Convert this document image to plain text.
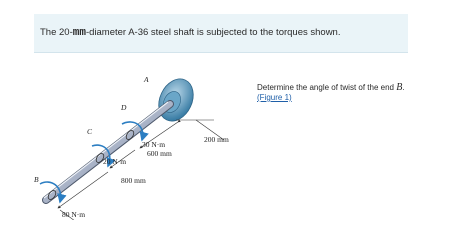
The 20-mm-diameter A-36 steel shaft is subjected to the torques shown.
Determine the angle of twist of the end B.
(Figure 1)
A
D
C
B
30 N·m
20 N·m
80 N·m
200 mm
600 mm
800 mm
